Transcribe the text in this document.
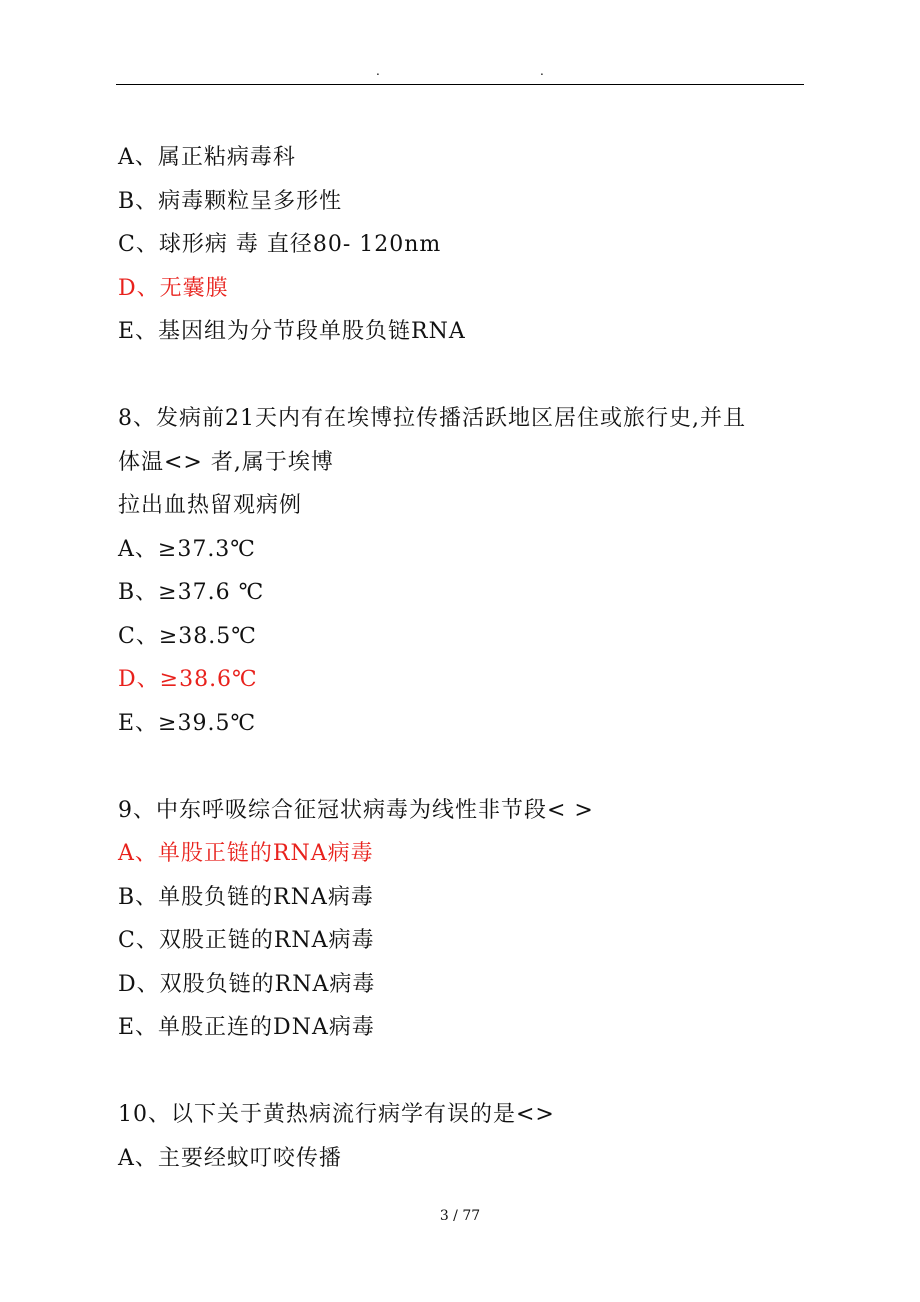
.	.
A、属正粘病毒科
B、病毒颗粒呈多形性
C、球形病 毒 直径80- 120nm
D、无囊膜
E、基因组为分节段单股负链RNA
8、发病前21天内有在埃博拉传播活跃地区居住或旅行史,并且
体温<> 者,属于埃博
拉出血热留观病例
A、≥37.3℃
B、≥37.6 ℃
C、≥38.5℃
D、≥38.6℃
E、≥39.5℃
9、中东呼吸综合征冠状病毒为线性非节段< >
A、单股正链的RNA病毒
B、单股负链的RNA病毒
C、双股正链的RNA病毒
D、双股负链的RNA病毒
E、单股正连的DNA病毒
10、以下关于黄热病流行病学有误的是<>
A、主要经蚊叮咬传播
3 / 77
